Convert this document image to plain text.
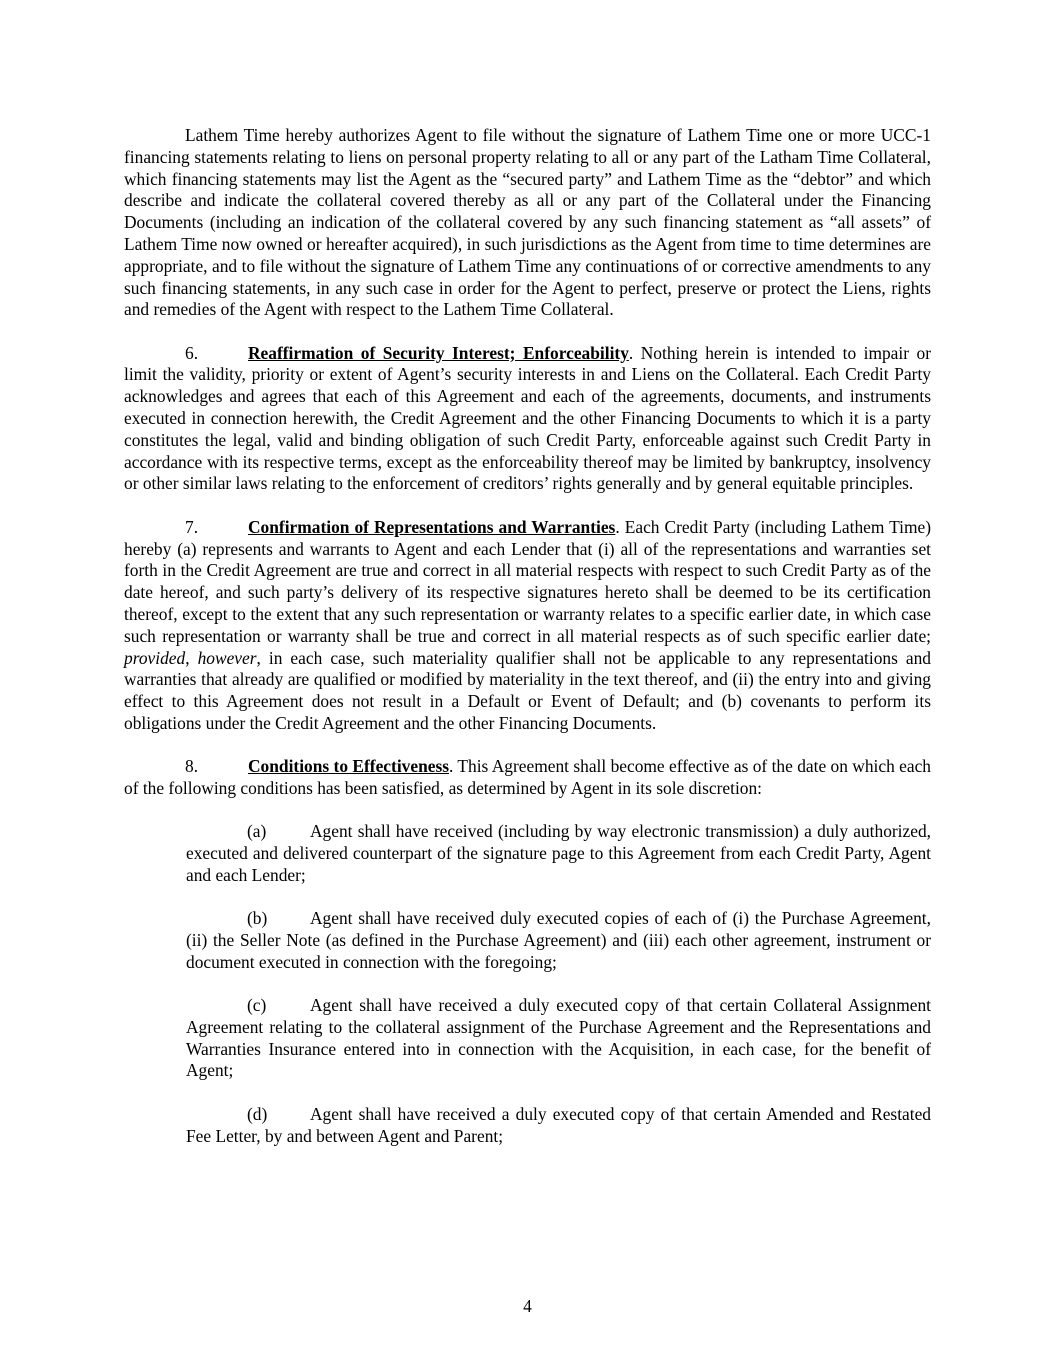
Lathem Time hereby authorizes Agent to file without the signature of Lathem Time one or more UCC-1 financing statements relating to liens on personal property relating to all or any part of the Latham Time Collateral, which financing statements may list the Agent as the “secured party” and Lathem Time as the “debtor” and which describe and indicate the collateral covered thereby as all or any part of the Collateral under the Financing Documents (including an indication of the collateral covered by any such financing statement as “all assets” of Lathem Time now owned or hereafter acquired), in such jurisdictions as the Agent from time to time determines are appropriate, and to file without the signature of Lathem Time any continuations of or corrective amendments to any such financing statements, in any such case in order for the Agent to perfect, preserve or protect the Liens, rights and remedies of the Agent with respect to the Lathem Time Collateral.

6.	Reaffirmation of Security Interest; Enforceability. Nothing herein is intended to impair or limit the validity, priority or extent of Agent’s security interests in and Liens on the Collateral. Each Credit Party acknowledges and agrees that each of this Agreement and each of the agreements, documents, and instruments executed in connection herewith, the Credit Agreement and the other Financing Documents to which it is a party constitutes the legal, valid and binding obligation of such Credit Party, enforceable against such Credit Party in accordance with its respective terms, except as the enforceability thereof may be limited by bankruptcy, insolvency or other similar laws relating to the enforcement of creditors’ rights generally and by general equitable principles.

7.	Confirmation of Representations and Warranties. Each Credit Party (including Lathem Time) hereby (a) represents and warrants to Agent and each Lender that (i) all of the representations and warranties set forth in the Credit Agreement are true and correct in all material respects with respect to such Credit Party as of the date hereof, and such party’s delivery of its respective signatures hereto shall be deemed to be its certification thereof, except to the extent that any such representation or warranty relates to a specific earlier date, in which case such representation or warranty shall be true and correct in all material respects as of such specific earlier date; provided, however, in each case, such materiality qualifier shall not be applicable to any representations and warranties that already are qualified or modified by materiality in the text thereof, and (ii) the entry into and giving effect to this Agreement does not result in a Default or Event of Default; and (b) covenants to perform its obligations under the Credit Agreement and the other Financing Documents.

8.	Conditions to Effectiveness. This Agreement shall become effective as of the date on which each of the following conditions has been satisfied, as determined by Agent in its sole discretion:

(a)	Agent shall have received (including by way electronic transmission) a duly authorized, executed and delivered counterpart of the signature page to this Agreement from each Credit Party, Agent and each Lender;

(b) Agent shall have received duly executed copies of each of (i) the Purchase Agreement, (ii) the Seller Note (as defined in the Purchase Agreement) and (iii) each other agreement, instrument or document executed in connection with the foregoing;

(c)	Agent shall have received a duly executed copy of that certain Collateral Assignment Agreement relating to the collateral assignment of the Purchase Agreement and the Representations and Warranties Insurance entered into in connection with the Acquisition, in each case, for the benefit of Agent;

(d) Agent shall have received a duly executed copy of that certain Amended and Restated Fee Letter, by and between Agent and Parent;

4
